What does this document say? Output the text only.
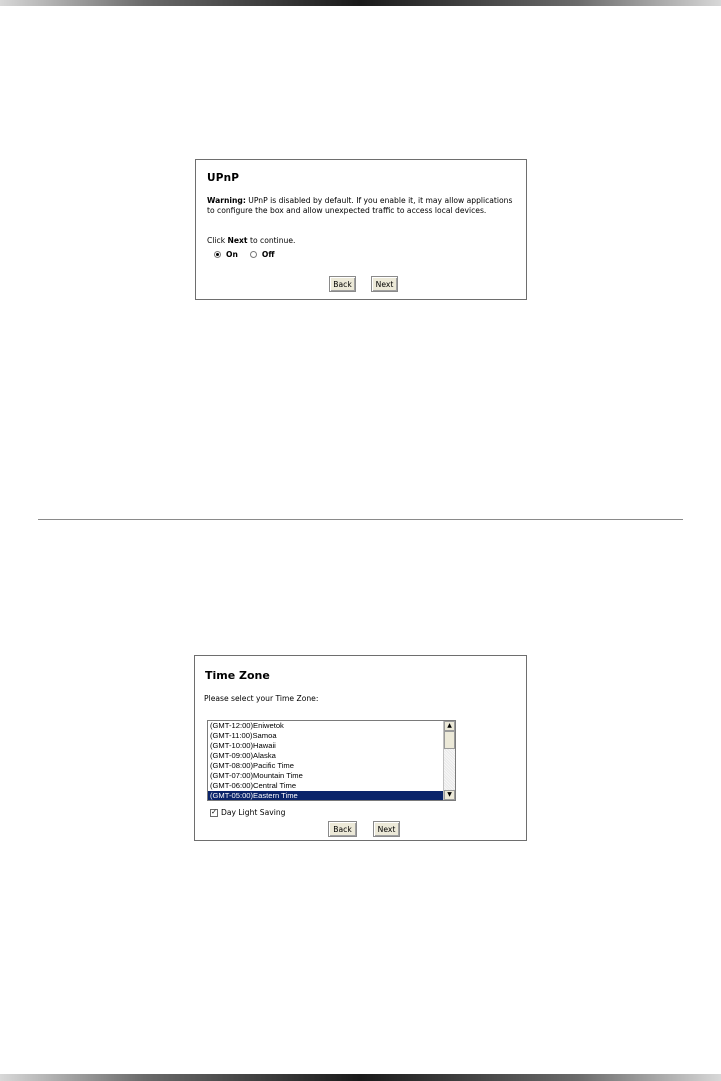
UPnP
Warning: UPnP is disabled by default. If you enable it, it may allow applications to configure the box and allow unexpected traffic to access local devices.
Click Next to continue.
On	Off
Back	Next
Time Zone
Please select your Time Zone:
(GMT-12:00)Eniwetok
(GMT-11:00)Samoa
(GMT-10:00)Hawaii
(GMT-09:00)Alaska
(GMT-08:00)Pacific Time
(GMT-07:00)Mountain Time
(GMT-06:00)Central Time
(GMT-05:00)Eastern Time
▲
▼
✓ Day Light Saving
Back	Next
